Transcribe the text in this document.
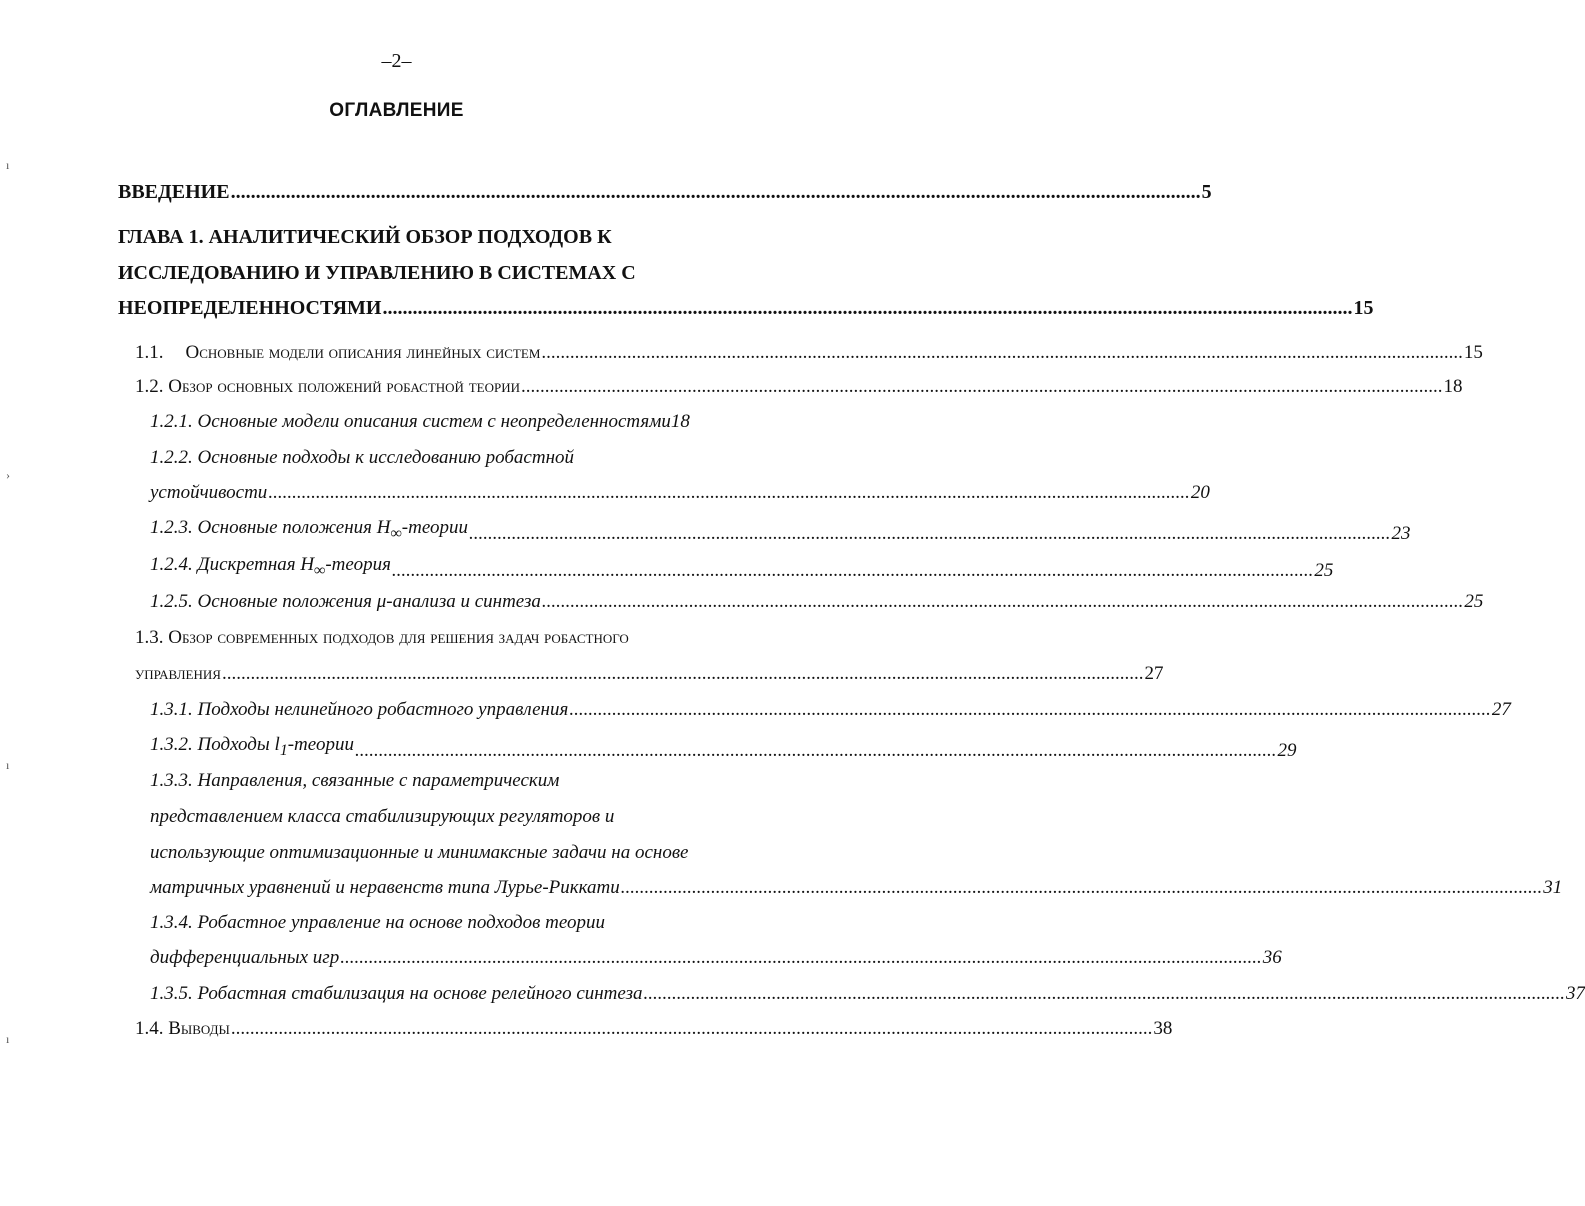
–2–
ОГЛАВЛЕНИЕ
ı
›
ı
ı
ВВЕДЕНИЕ .................................................................................................................................................................................................. 5
ГЛАВА 1. АНАЛИТИЧЕСКИЙ ОБЗОР ПОДХОДОВ К
ИССЛЕДОВАНИЮ И УПРАВЛЕНИЮ В СИСТЕМАХ С
НЕОПРЕДЕЛЕННОСТЯМИ .................................................................................................................................................................................................. 15
1.1. Основные модели описания линейных систем .................................................................................................................................................................................................. 15
1.2. Обзор основных положений робастной теории .................................................................................................................................................................................................. 18
1.2.1. Основные модели описания систем с неопределенностями 18
1.2.2. Основные подходы к исследованию робастной
устойчивости .................................................................................................................................................................................................. 20
1.2.3. Основные положения $H_\infty$-теории .................................................................................................................................................................................................. 23
1.2.4. Дискретная $H_\infty$-теория .................................................................................................................................................................................................. 25
1.2.5. Основные положения μ-анализа и синтеза .................................................................................................................................................................................................. 25
1.3. Обзор современных подходов для решения задач робастного
управления .................................................................................................................................................................................................. 27
1.3.1. Подходы нелинейного робастного управления .................................................................................................................................................................................................. 27
1.3.2. Подходы $l_1$-теории .................................................................................................................................................................................................. 29
1.3.3. Направления, связанные с параметрическим
представлением класса стабилизирующих регуляторов и
использующие оптимизационные и минимаксные задачи на основе
матричных уравнений и неравенств типа Лурье-Риккати .................................................................................................................................................................................................. 31
1.3.4. Робастное управление на основе подходов теории
дифференциальных игр .................................................................................................................................................................................................. 36
1.3.5. Робастная стабилизация на основе релейного синтеза .................................................................................................................................................................................................. 37
1.4. Выводы .................................................................................................................................................................................................. 38
